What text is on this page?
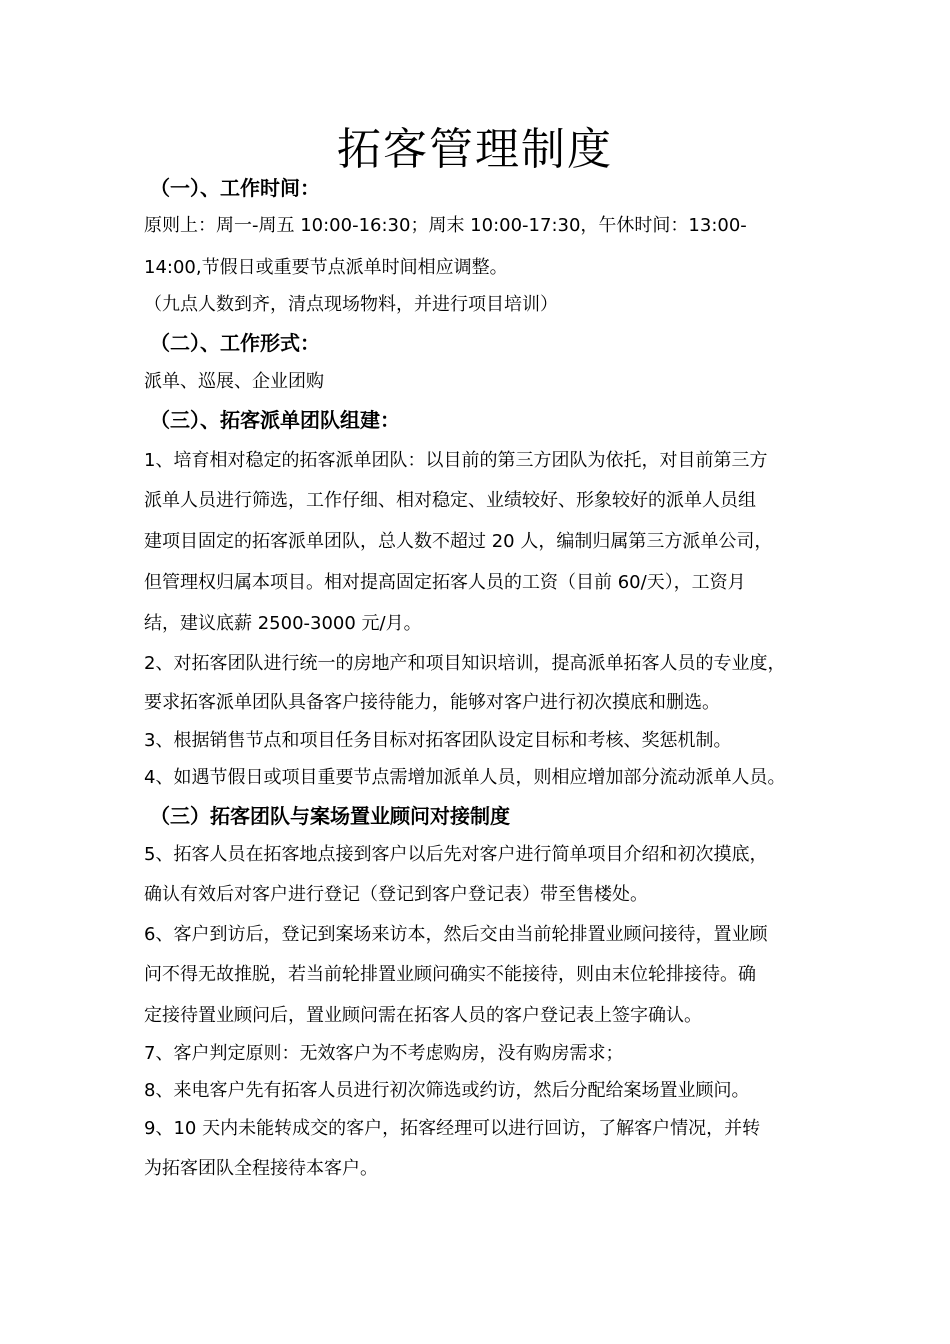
拓客管理制度
（一）、工作时间：
原则上：周一-周五 10:00-16:30；周末 10:00-17:30，午休时间：13:00-
14:00,节假日或重要节点派单时间相应调整。
（九点人数到齐，清点现场物料，并进行项目培训）
（二）、工作形式：
派单、巡展、企业团购
（三）、拓客派单团队组建：
1、培育相对稳定的拓客派单团队：以目前的第三方团队为依托，对目前第三方
派单人员进行筛选，工作仔细、相对稳定、业绩较好、形象较好的派单人员组
建项目固定的拓客派单团队，总人数不超过 20 人，编制归属第三方派单公司，
但管理权归属本项目。相对提高固定拓客人员的工资（目前 60/天），工资月
结，建议底薪 2500-3000 元/月。
2、对拓客团队进行统一的房地产和项目知识培训，提高派单拓客人员的专业度，
要求拓客派单团队具备客户接待能力，能够对客户进行初次摸底和删选。
3、根据销售节点和项目任务目标对拓客团队设定目标和考核、奖惩机制。
4、如遇节假日或项目重要节点需增加派单人员，则相应增加部分流动派单人员。
（三）拓客团队与案场置业顾问对接制度
5、拓客人员在拓客地点接到客户以后先对客户进行简单项目介绍和初次摸底，
确认有效后对客户进行登记（登记到客户登记表）带至售楼处。
6、客户到访后，登记到案场来访本，然后交由当前轮排置业顾问接待，置业顾
问不得无故推脱，若当前轮排置业顾问确实不能接待，则由末位轮排接待。确
定接待置业顾问后，置业顾问需在拓客人员的客户登记表上签字确认。
7、客户判定原则：无效客户为不考虑购房，没有购房需求；
8、来电客户先有拓客人员进行初次筛选或约访，然后分配给案场置业顾问。
9、10 天内未能转成交的客户，拓客经理可以进行回访，了解客户情况，并转
为拓客团队全程接待本客户。
